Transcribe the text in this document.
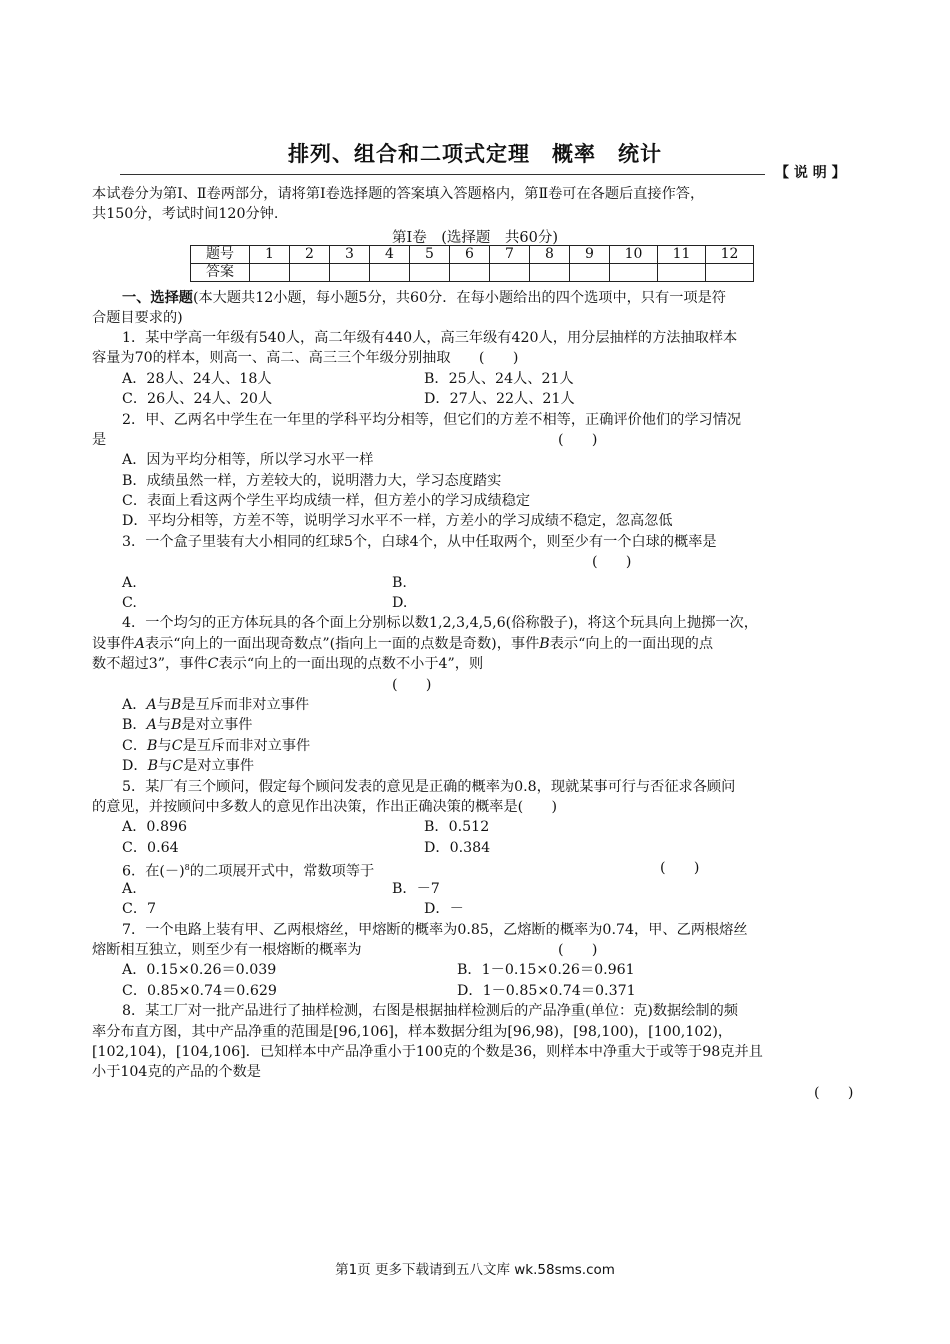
排列、组合和二项式定理　概率　统计
【 说 明 】
本试卷分为第Ⅰ、Ⅱ卷两部分，请将第Ⅰ卷选择题的答案填入答题格内，第Ⅱ卷可在各题后直接作答，
共150分，考试时间120分钟.
第Ⅰ卷　(选择题　共60分)
题号	1	2	3	4	5	6	7	8	9	10	11	12
答案												
一、选择题(本大题共12小题，每小题5分，共60分．在每小题给出的四个选项中，只有一项是符
合题目要求的)
1．某中学高一年级有540人，高二年级有440人，高三年级有420人，用分层抽样的方法抽取样本
容量为70的样本，则高一、高二、高三三个年级分别抽取　　(　　)
A．28人、24人、18人	B．25人、24人、21人
C．26人、24人、20人	D．27人、22人、21人
2．甲、乙两名中学生在一年里的学科平均分相等，但它们的方差不相等，正确评价他们的学习情况
是	(　　)
A．因为平均分相等，所以学习水平一样
B．成绩虽然一样，方差较大的，说明潜力大，学习态度踏实
C．表面上看这两个学生平均成绩一样，但方差小的学习成绩稳定
D．平均分相等，方差不等，说明学习水平不一样，方差小的学习成绩不稳定，忽高忽低
3．一个盒子里装有大小相同的红球5个，白球4个，从中任取两个，则至少有一个白球的概率是
(　　)
A.	B.
C.	D.
4．一个均匀的正方体玩具的各个面上分别标以数1,2,3,4,5,6(俗称骰子)，将这个玩具向上抛掷一次，
设事件A表示“向上的一面出现奇数点”(指向上一面的点数是奇数)，事件B表示“向上的一面出现的点
数不超过3”，事件C表示“向上的一面出现的点数不小于4”，则
(　　)
A．A与B是互斥而非对立事件
B．A与B是对立事件
C．B与C是互斥而非对立事件
D．B与C是对立事件
5．某厂有三个顾问，假定每个顾问发表的意见是正确的概率为0.8，现就某事可行与否征求各顾问
的意见，并按顾问中多数人的意见作出决策，作出正确决策的概率是(　　)
A．0.896	B．0.512
C．0.64	D．0.384
6．在$(-)^8$的二项展开式中，常数项等于	(　　)
A.	B．－7
C．7	D．－
7．一个电路上装有甲、乙两根熔丝，甲熔断的概率为0.85，乙熔断的概率为0.74，甲、乙两根熔丝
熔断相互独立，则至少有一根熔断的概率为	(　　)
A．0.15×0.26＝0.039	B．1－0.15×0.26＝0.961
C．0.85×0.74＝0.629	D．1－0.85×0.74＝0.371
8．某工厂对一批产品进行了抽样检测，右图是根据抽样检测后的产品净重(单位：克)数据绘制的频
率分布直方图，其中产品净重的范围是[96,106]，样本数据分组为[96,98)，[98,100)，[100,102)，
[102,104)，[104,106]．已知样本中产品净重小于100克的个数是36，则样本中净重大于或等于98克并且
小于104克的产品的个数是
(　　)
第1页 更多下载请到五八文库 wk.58sms.com
